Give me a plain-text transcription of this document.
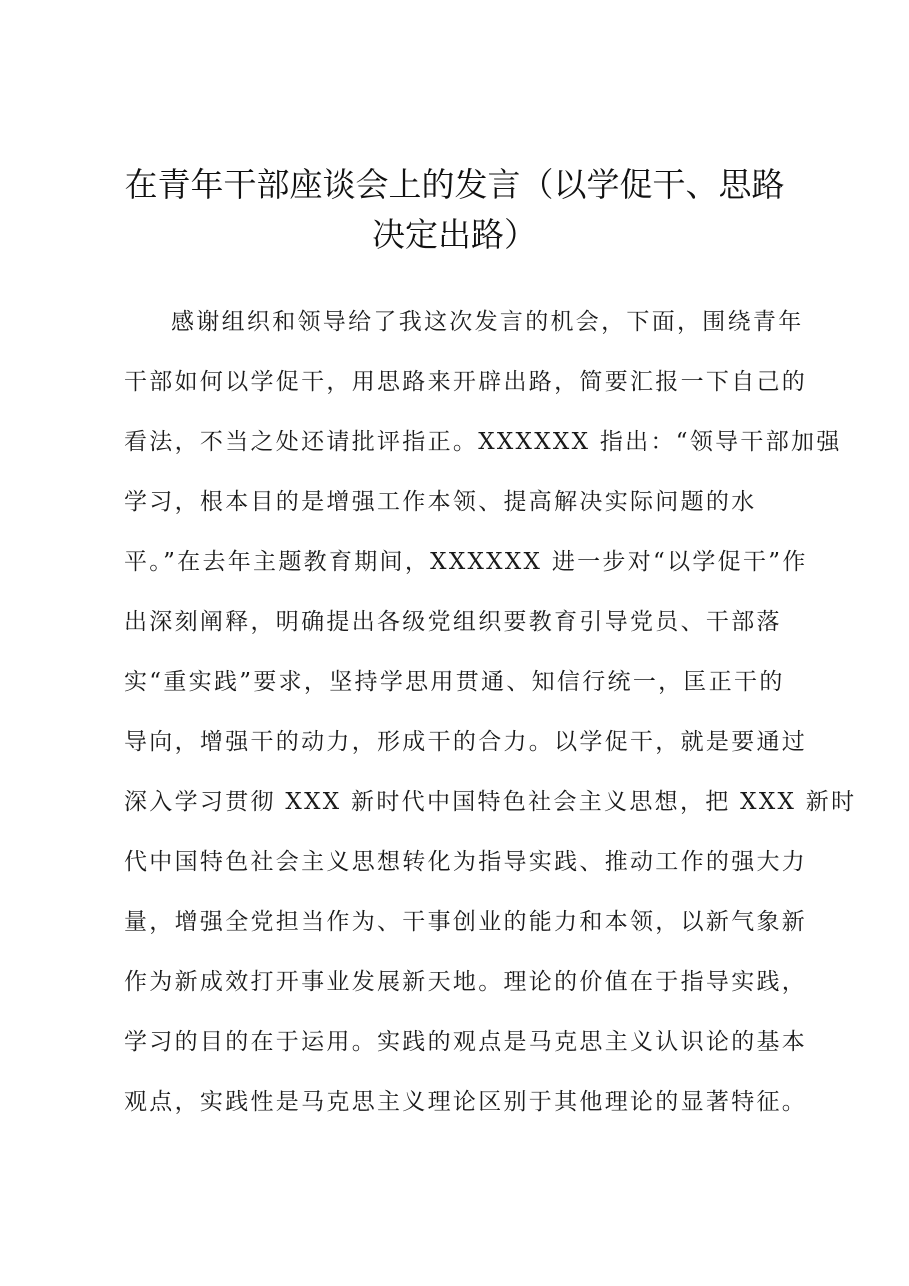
在青年干部座谈会上的发言（以学促干、思路
决定出路）
感谢组织和领导给了我这次发言的机会，下面，围绕青年
干部如何以学促干，用思路来开辟出路，简要汇报一下自己的
看法，不当之处还请批评指正。XXXXXX 指出：“领导干部加强
学习，根本目的是增强工作本领、提高解决实际问题的水
平。”在去年主题教育期间，XXXXXX 进一步对“以学促干”作
出深刻阐释，明确提出各级党组织要教育引导党员、干部落
实“重实践”要求，坚持学思用贯通、知信行统一，匡正干的
导向，增强干的动力，形成干的合力。以学促干，就是要通过
深入学习贯彻 XXX 新时代中国特色社会主义思想，把 XXX 新时
代中国特色社会主义思想转化为指导实践、推动工作的强大力
量，增强全党担当作为、干事创业的能力和本领，以新气象新
作为新成效打开事业发展新天地。理论的价值在于指导实践，
学习的目的在于运用。实践的观点是马克思主义认识论的基本
观点，实践性是马克思主义理论区别于其他理论的显著特征。
